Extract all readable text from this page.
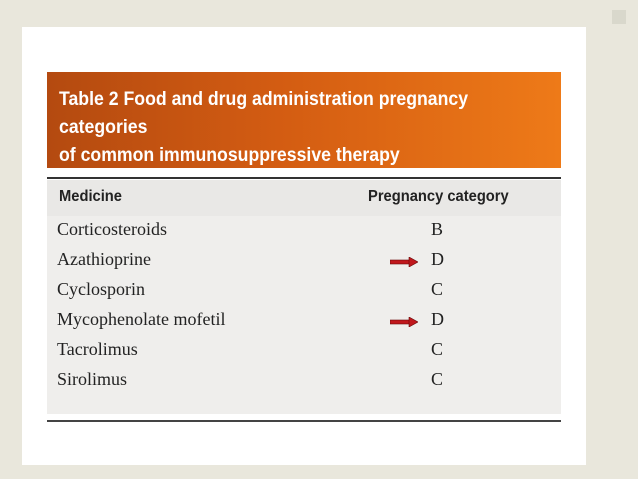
Table 2 Food and drug administration pregnancy categories
of common immunosuppressive therapy
Medicine	Pregnancy category
Corticosteroids	B
Azathioprine	D
Cyclosporin	C
Mycophenolate mofetil	D
Tacrolimus	C
Sirolimus	C
